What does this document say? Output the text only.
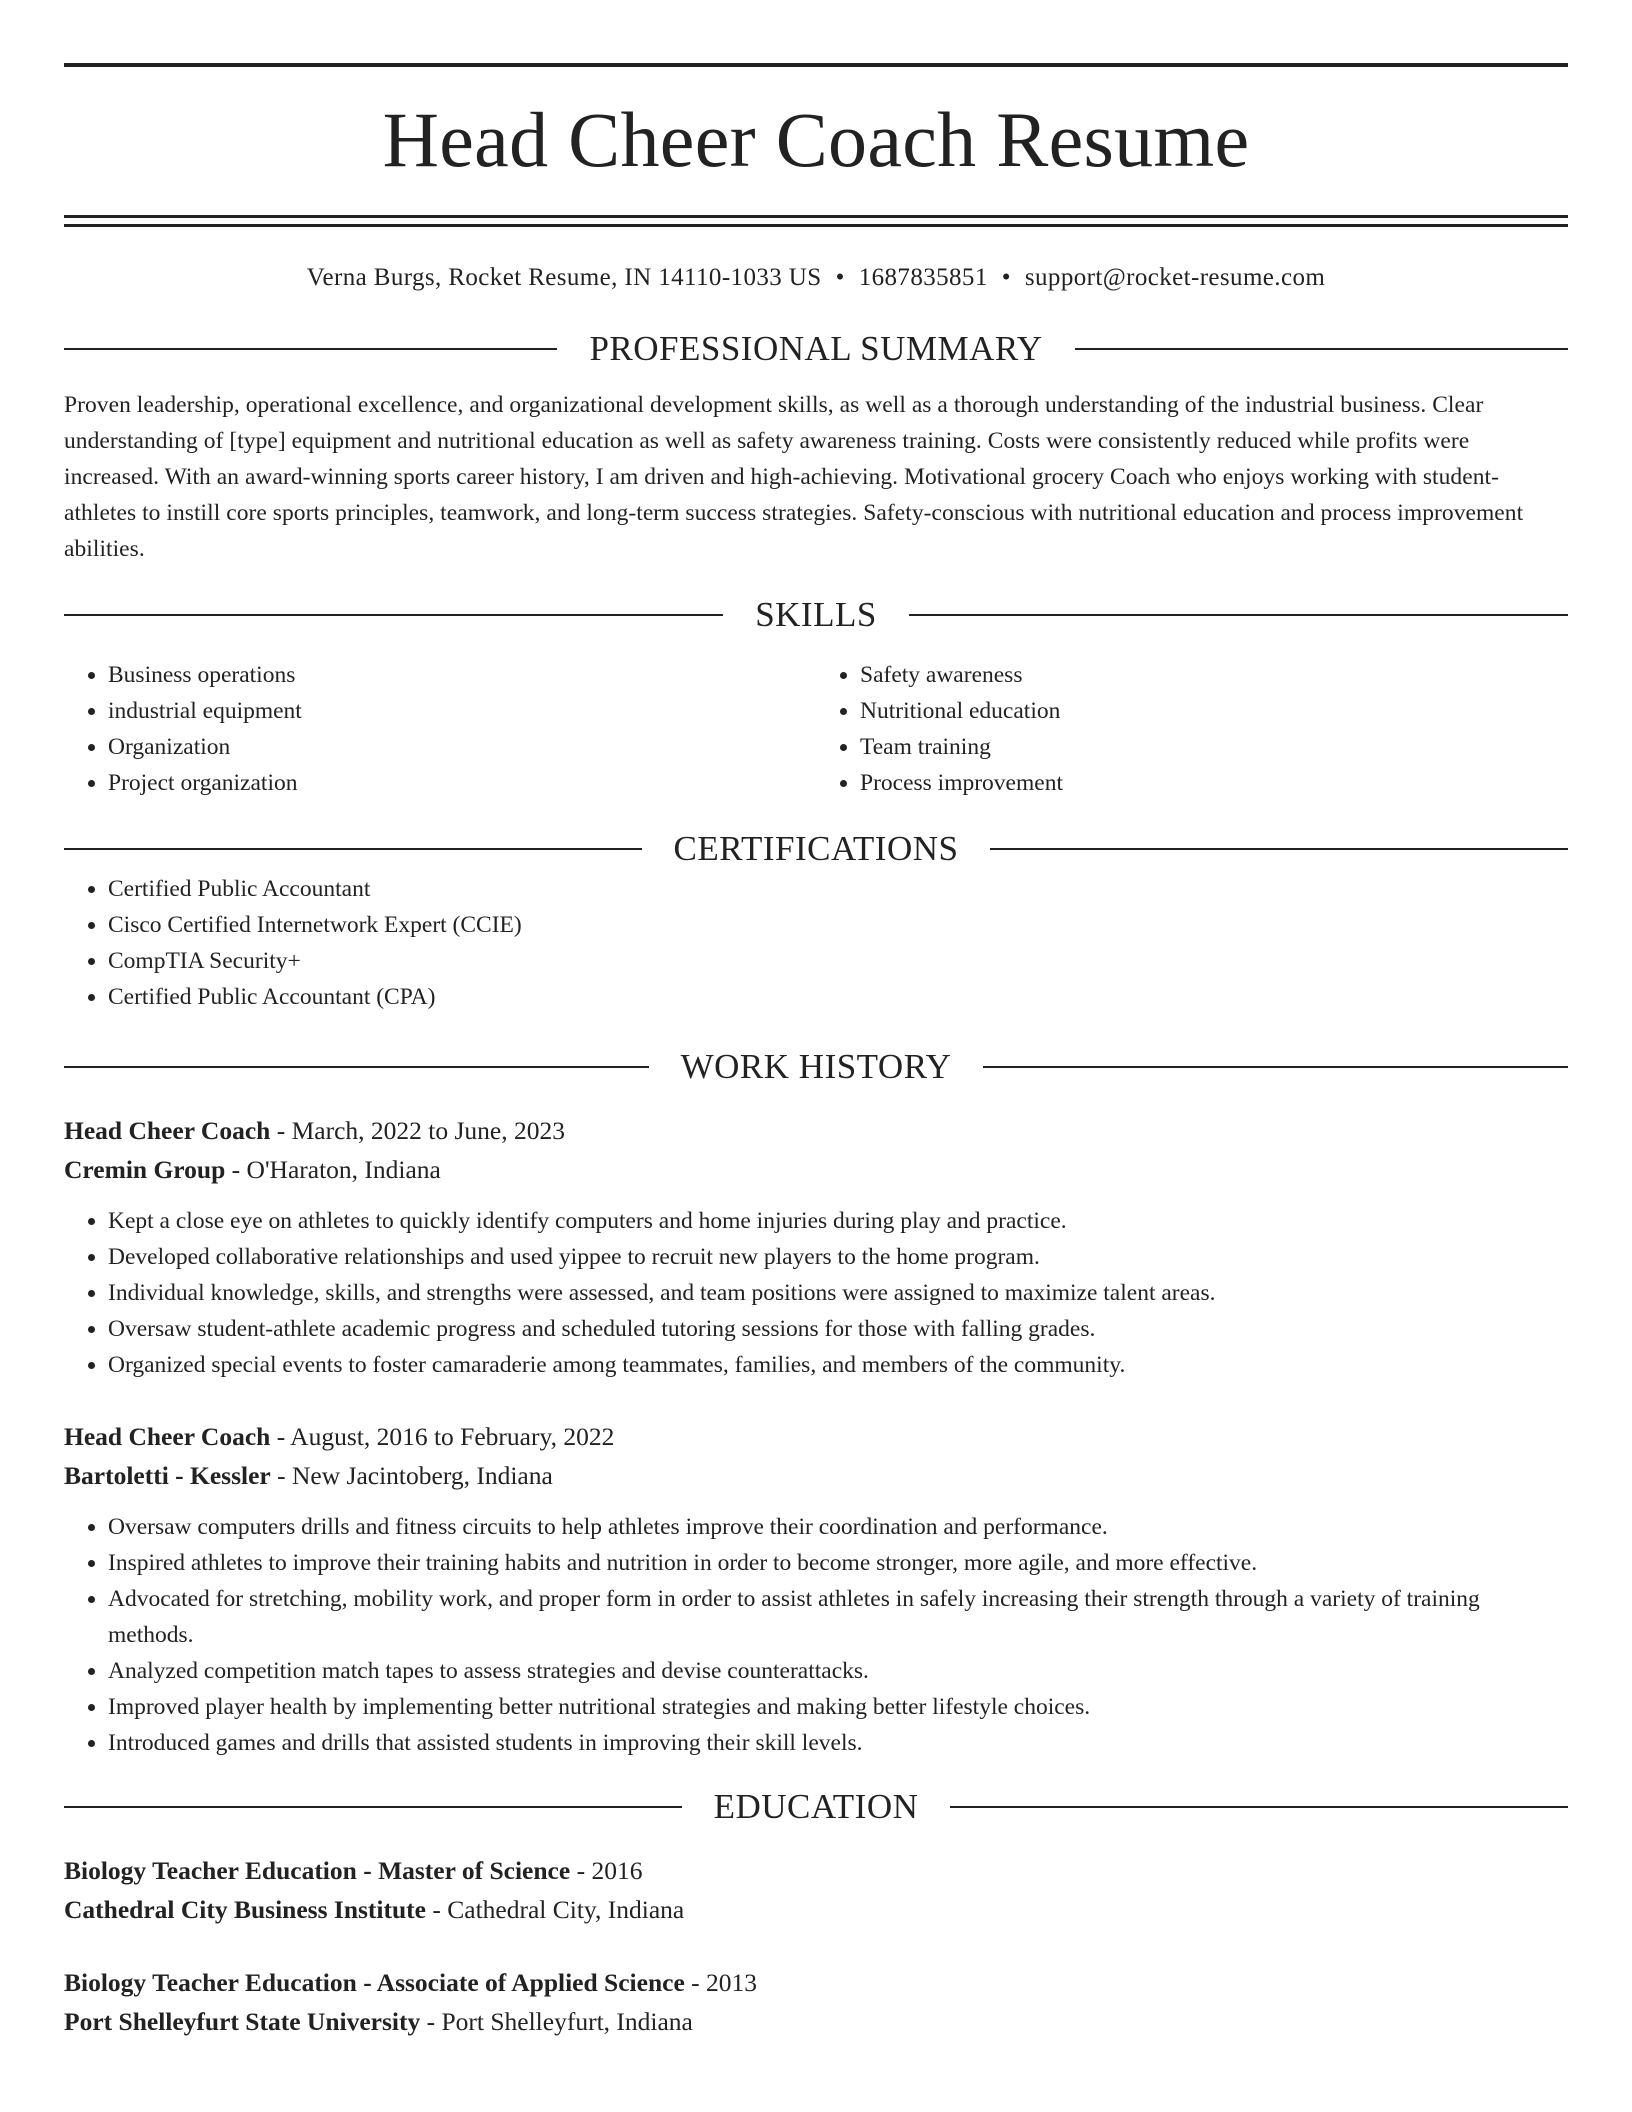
Head Cheer Coach Resume
Verna Burgs, Rocket Resume, IN 14110-1033 US • 1687835851 • support@rocket-resume.com
PROFESSIONAL SUMMARY
Proven leadership, operational excellence, and organizational development skills, as well as a thorough understanding of the industrial business. Clear understanding of [type] equipment and nutritional education as well as safety awareness training. Costs were consistently reduced while profits were increased. With an award-winning sports career history, I am driven and high-achieving. Motivational grocery Coach who enjoys working with student-athletes to instill core sports principles, teamwork, and long-term success strategies. Safety-conscious with nutritional education and process improvement abilities.
SKILLS
• Business operations
• industrial equipment
• Organization
• Project organization
• Safety awareness
• Nutritional education
• Team training
• Process improvement
CERTIFICATIONS
• Certified Public Accountant
• Cisco Certified Internetwork Expert (CCIE)
• CompTIA Security+
• Certified Public Accountant (CPA)
WORK HISTORY
Head Cheer Coach - March, 2022 to June, 2023
Cremin Group - O'Haraton, Indiana
• Kept a close eye on athletes to quickly identify computers and home injuries during play and practice.
• Developed collaborative relationships and used yippee to recruit new players to the home program.
• Individual knowledge, skills, and strengths were assessed, and team positions were assigned to maximize talent areas.
• Oversaw student-athlete academic progress and scheduled tutoring sessions for those with falling grades.
• Organized special events to foster camaraderie among teammates, families, and members of the community.
Head Cheer Coach - August, 2016 to February, 2022
Bartoletti - Kessler - New Jacintoberg, Indiana
• Oversaw computers drills and fitness circuits to help athletes improve their coordination and performance.
• Inspired athletes to improve their training habits and nutrition in order to become stronger, more agile, and more effective.
• Advocated for stretching, mobility work, and proper form in order to assist athletes in safely increasing their strength through a variety of training methods.
• Analyzed competition match tapes to assess strategies and devise counterattacks.
• Improved player health by implementing better nutritional strategies and making better lifestyle choices.
• Introduced games and drills that assisted students in improving their skill levels.
EDUCATION
Biology Teacher Education - Master of Science - 2016
Cathedral City Business Institute - Cathedral City, Indiana
Biology Teacher Education - Associate of Applied Science - 2013
Port Shelleyfurt State University - Port Shelleyfurt, Indiana
